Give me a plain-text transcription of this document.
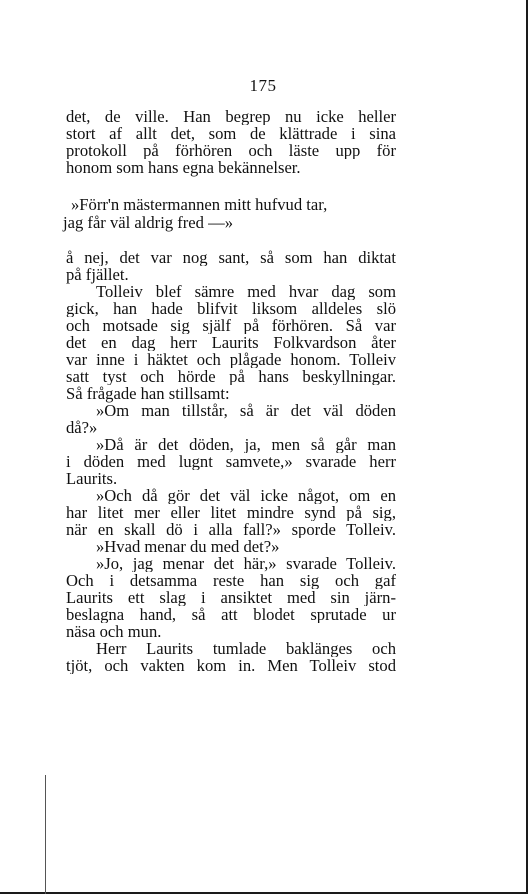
175
det, de ville. Han begrep nu icke heller
stort af allt det, som de klättrade i sina
protokoll på förhören och läste upp för
honom som hans egna bekännelser.
»Förr'n mästermannen mitt hufvud tar,
jag får väl aldrig fred —»
å nej, det var nog sant, så som han diktat
på fjället.
Tolleiv blef sämre med hvar dag som
gick, han hade blifvit liksom alldeles slö
och motsade sig själf på förhören. Så var
det en dag herr Laurits Folkvardson åter
var inne i häktet och plågade honom. Tolleiv
satt tyst och hörde på hans beskyllningar.
Så frågade han stillsamt:
»Om man tillstår, så är det väl döden
då?»
»Då är det döden, ja, men så går man
i döden med lugnt samvete,» svarade herr
Laurits.
»Och då gör det väl icke något, om en
har litet mer eller litet mindre synd på sig,
när en skall dö i alla fall?» sporde Tolleiv.
»Hvad menar du med det?»
»Jo, jag menar det här,» svarade Tolleiv.
Och i detsamma reste han sig och gaf
Laurits ett slag i ansiktet med sin järn-
beslagna hand, så att blodet sprutade ur
näsa och mun.
Herr Laurits tumlade baklänges och
tjöt, och vakten kom in. Men Tolleiv stod
